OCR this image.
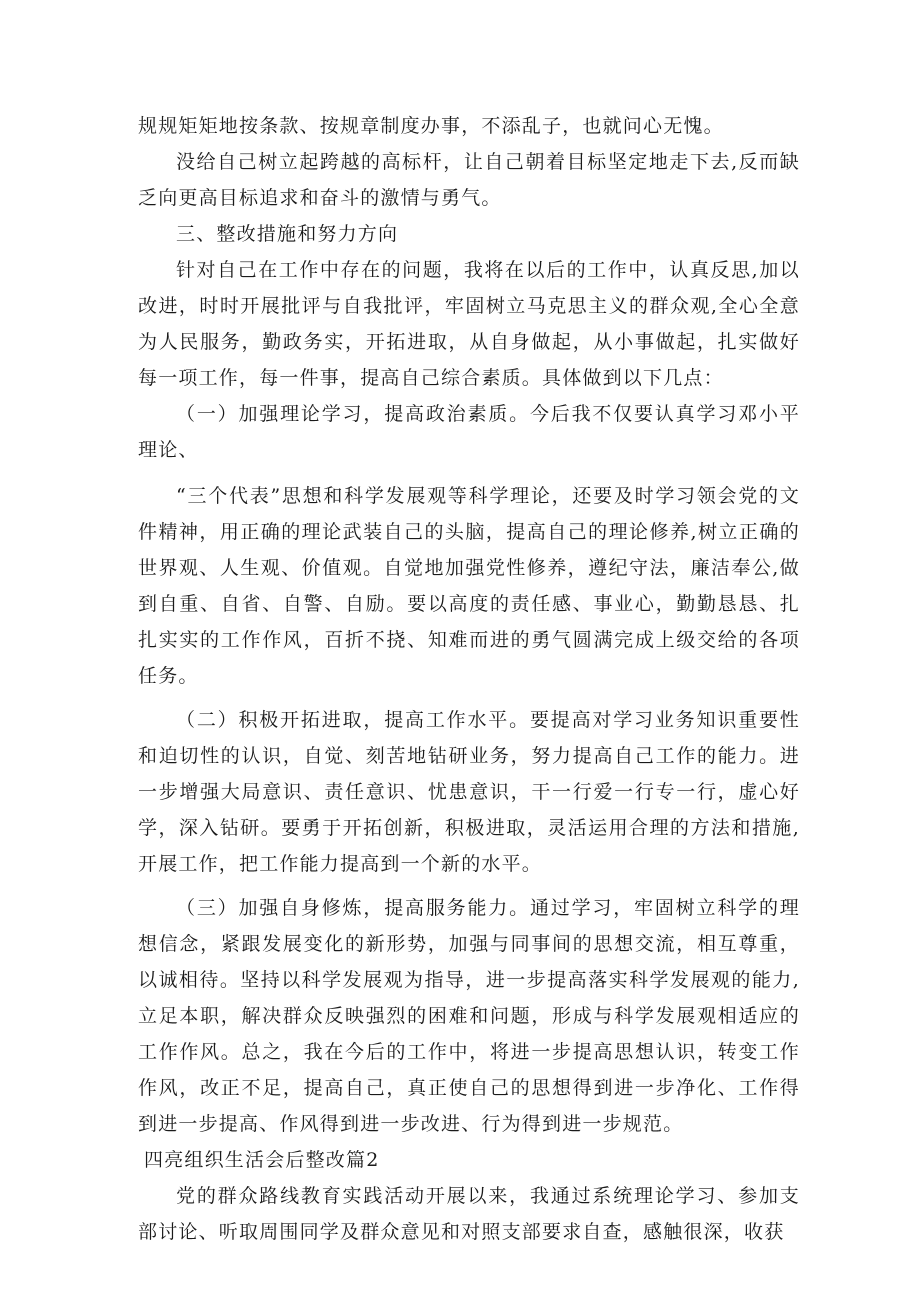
规规矩矩地按条款、按规章制度办事，不添乱子，也就问心无愧。

没给自己树立起跨越的高标杆，让自己朝着目标坚定地走下去,反而缺乏向更高目标追求和奋斗的激情与勇气。

三、整改措施和努力方向

针对自己在工作中存在的问题，我将在以后的工作中，认真反思,加以改进，时时开展批评与自我批评，牢固树立马克思主义的群众观,全心全意为人民服务，勤政务实，开拓进取，从自身做起，从小事做起，扎实做好每一项工作，每一件事，提高自己综合素质。具体做到以下几点：

（一）加强理论学习，提高政治素质。今后我不仅要认真学习邓小平理论、

“三个代表”思想和科学发展观等科学理论，还要及时学习领会党的文件精神，用正确的理论武装自己的头脑，提高自己的理论修养,树立正确的世界观、人生观、价值观。自觉地加强党性修养，遵纪守法，廉洁奉公,做到自重、自省、自警、自励。要以高度的责任感、事业心，勤勤恳恳、扎扎实实的工作作风，百折不挠、知难而进的勇气圆满完成上级交给的各项任务。

（二）积极开拓进取，提高工作水平。要提高对学习业务知识重要性和迫切性的认识，自觉、刻苦地钻研业务，努力提高自己工作的能力。进一步增强大局意识、责任意识、忧患意识，干一行爱一行专一行，虚心好学，深入钻研。要勇于开拓创新，积极进取，灵活运用合理的方法和措施,开展工作，把工作能力提高到一个新的水平。

（三）加强自身修炼，提高服务能力。通过学习，牢固树立科学的理想信念，紧跟发展变化的新形势，加强与同事间的思想交流，相互尊重，以诚相待。坚持以科学发展观为指导，进一步提高落实科学发展观的能力,立足本职，解决群众反映强烈的困难和问题，形成与科学发展观相适应的工作作风。总之，我在今后的工作中，将进一步提高思想认识，转变工作作风，改正不足，提高自己，真正使自己的思想得到进一步净化、工作得到进一步提高、作风得到进一步改进、行为得到进一步规范。

四亮组织生活会后整改篇2

党的群众路线教育实践活动开展以来，我通过系统理论学习、参加支部讨论、听取周围同学及群众意见和对照支部要求自查，感触很深，收获
